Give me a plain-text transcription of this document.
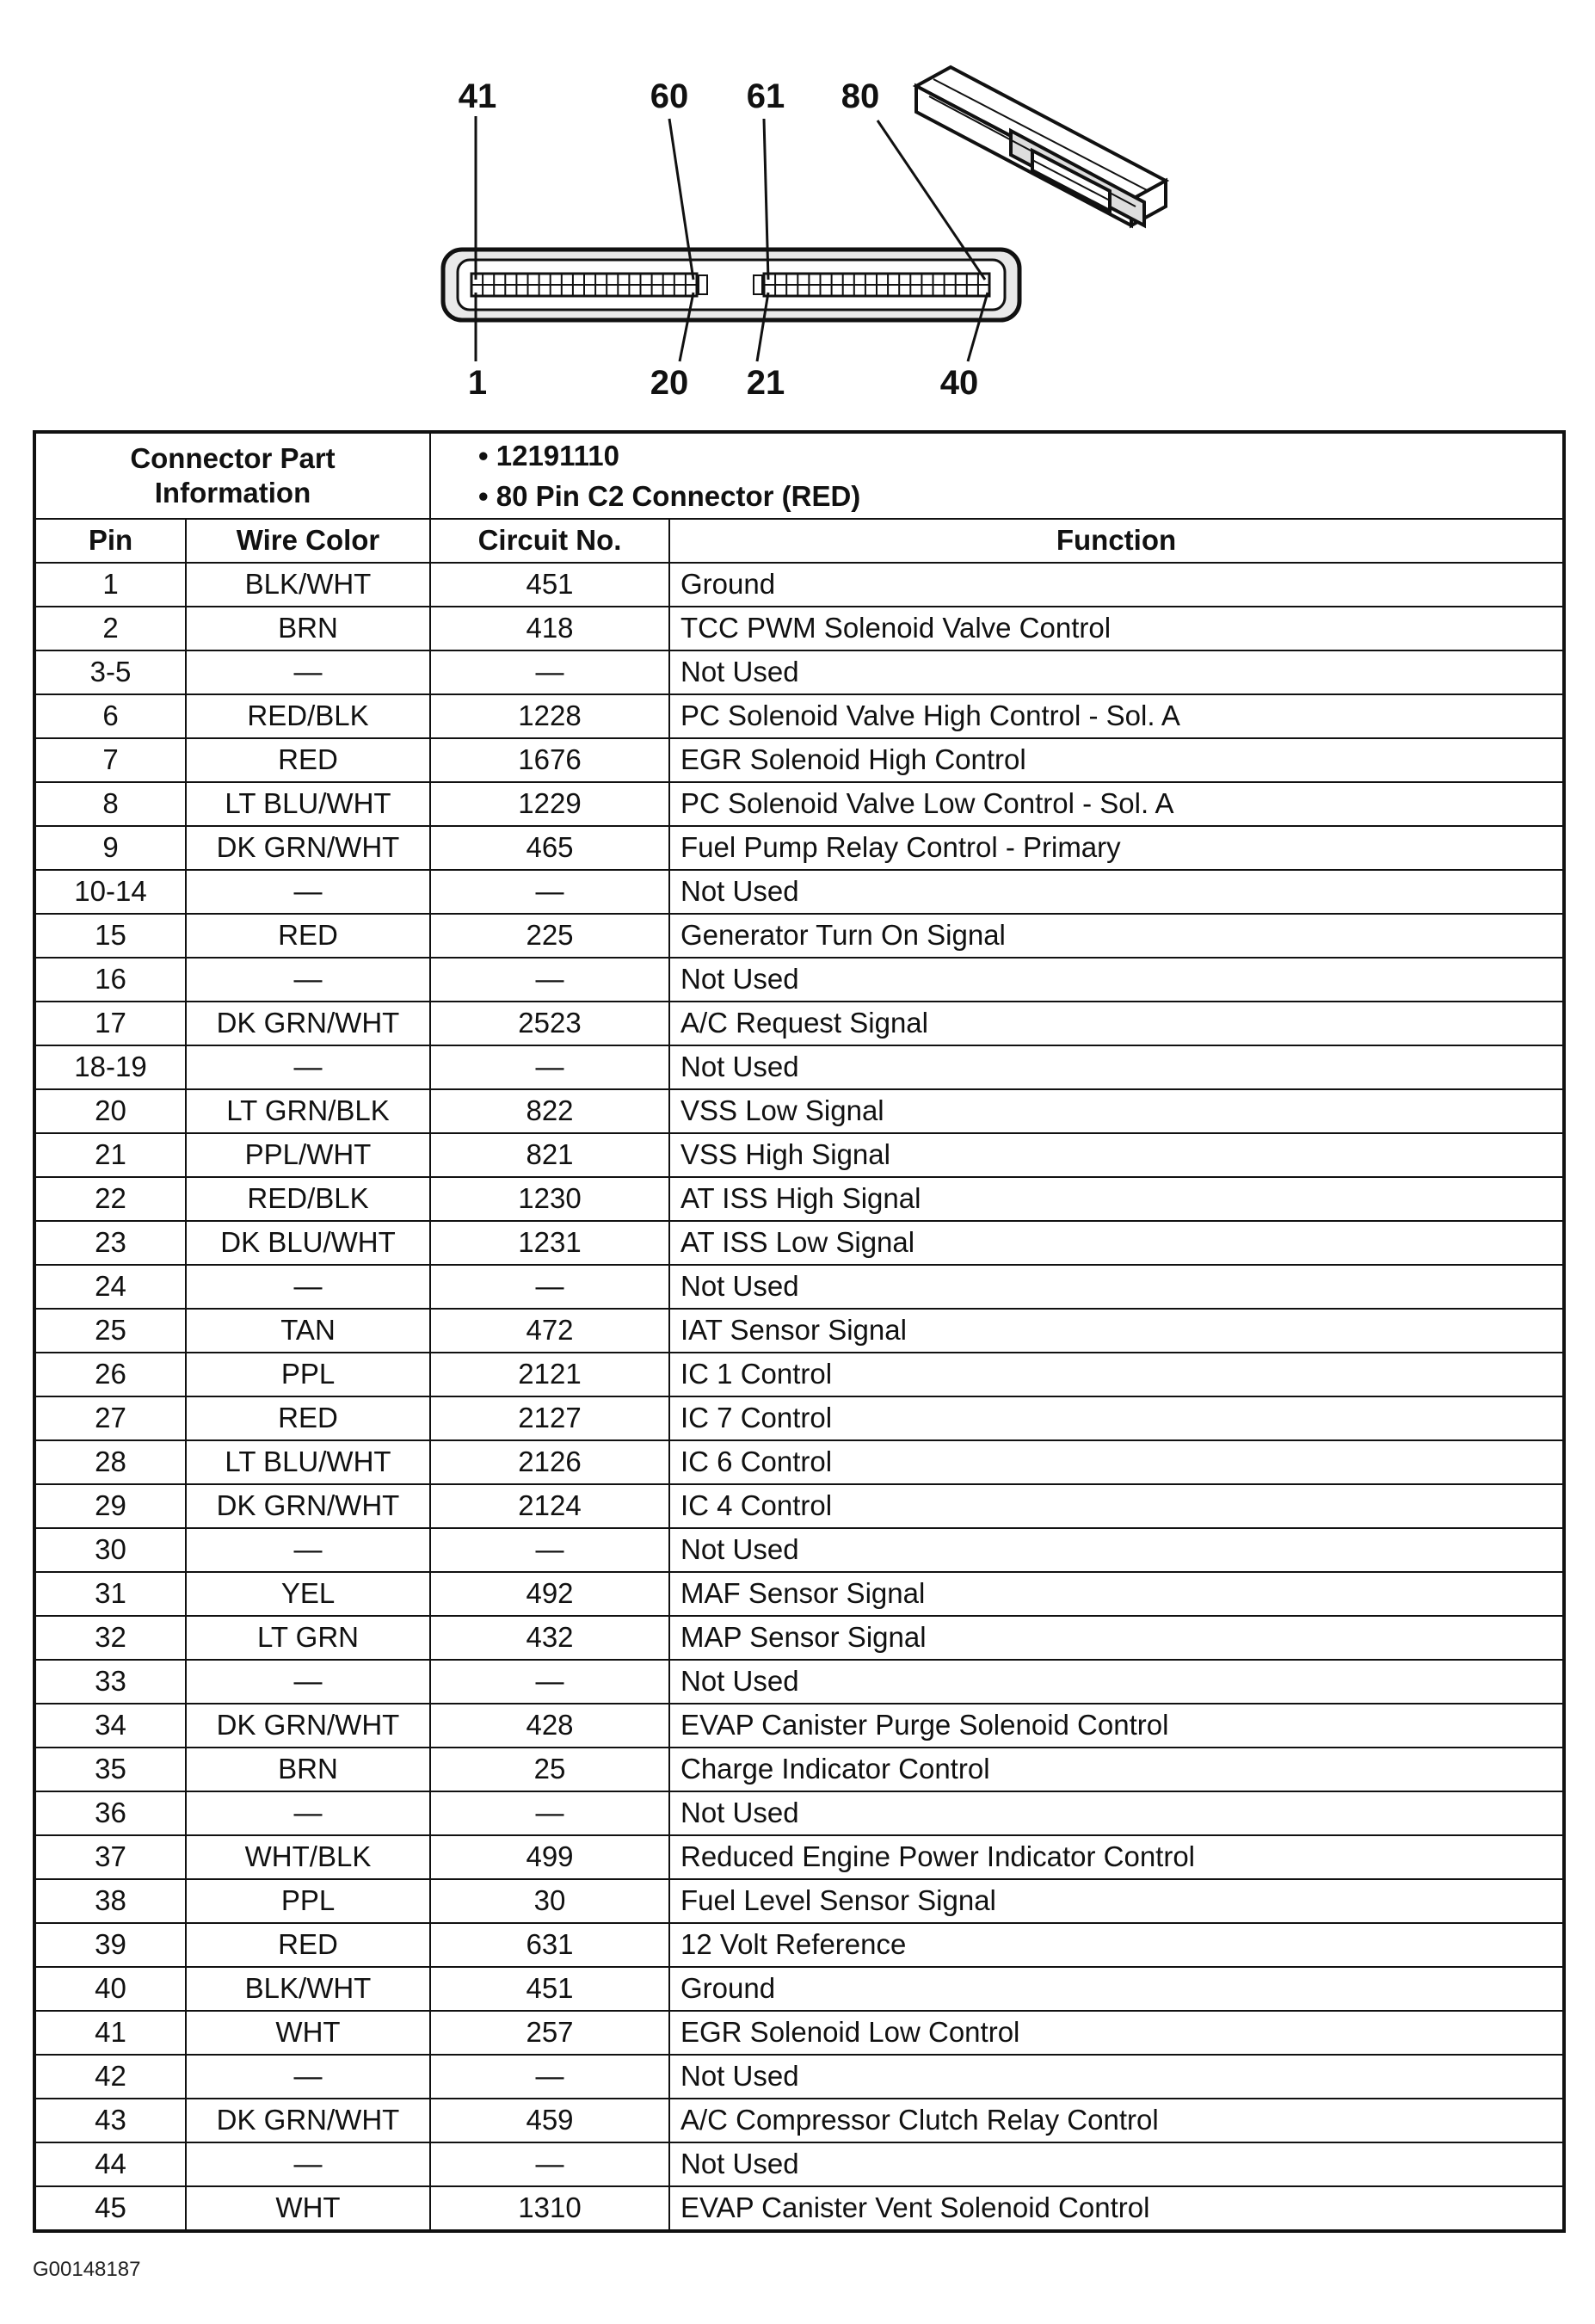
41	60 61 80
1	20 21	40
Connector Part
Information		• 12191110
• 80 Pin C2 Connector (RED)	

Pin	Wire Color	Circuit No.	Function
1	BLK/WHT	451	Ground
2	BRN	418	TCC PWM Solenoid Valve Control
3-5	—	—	Not Used
6	RED/BLK	1228	PC Solenoid Valve High Control - Sol. A
7	RED	1676	EGR Solenoid High Control
8	LT BLU/WHT	1229	PC Solenoid Valve Low Control - Sol. A
9	DK GRN/WHT	465	Fuel Pump Relay Control - Primary
10-14	—	—	Not Used
15	RED	225	Generator Turn On Signal
16	—	—	Not Used
17	DK GRN/WHT	2523	A/C Request Signal
18-19	—	—	Not Used
20	LT GRN/BLK	822	VSS Low Signal
21	PPL/WHT	821	VSS High Signal
22	RED/BLK	1230	AT ISS High Signal
23	DK BLU/WHT	1231	AT ISS Low Signal
24	—	—	Not Used
25	TAN	472	IAT Sensor Signal
26	PPL	2121	IC 1 Control
27	RED	2127	IC 7 Control
28	LT BLU/WHT	2126	IC 6 Control
29	DK GRN/WHT	2124	IC 4 Control
30	—	—	Not Used
31	YEL	492	MAF Sensor Signal
32	LT GRN	432	MAP Sensor Signal
33	—	—	Not Used
34	DK GRN/WHT	428	EVAP Canister Purge Solenoid Control
35	BRN	25	Charge Indicator Control
36	—	—	Not Used
37	WHT/BLK	499	Reduced Engine Power Indicator Control
38	PPL	30	Fuel Level Sensor Signal
39	RED	631	12 Volt Reference
40	BLK/WHT	451	Ground
41	WHT	257	EGR Solenoid Low Control
42	—	—	Not Used
43	DK GRN/WHT	459	A/C Compressor Clutch Relay Control
44	—	—	Not Used
45	WHT	1310	EVAP Canister Vent Solenoid Control
G00148187
